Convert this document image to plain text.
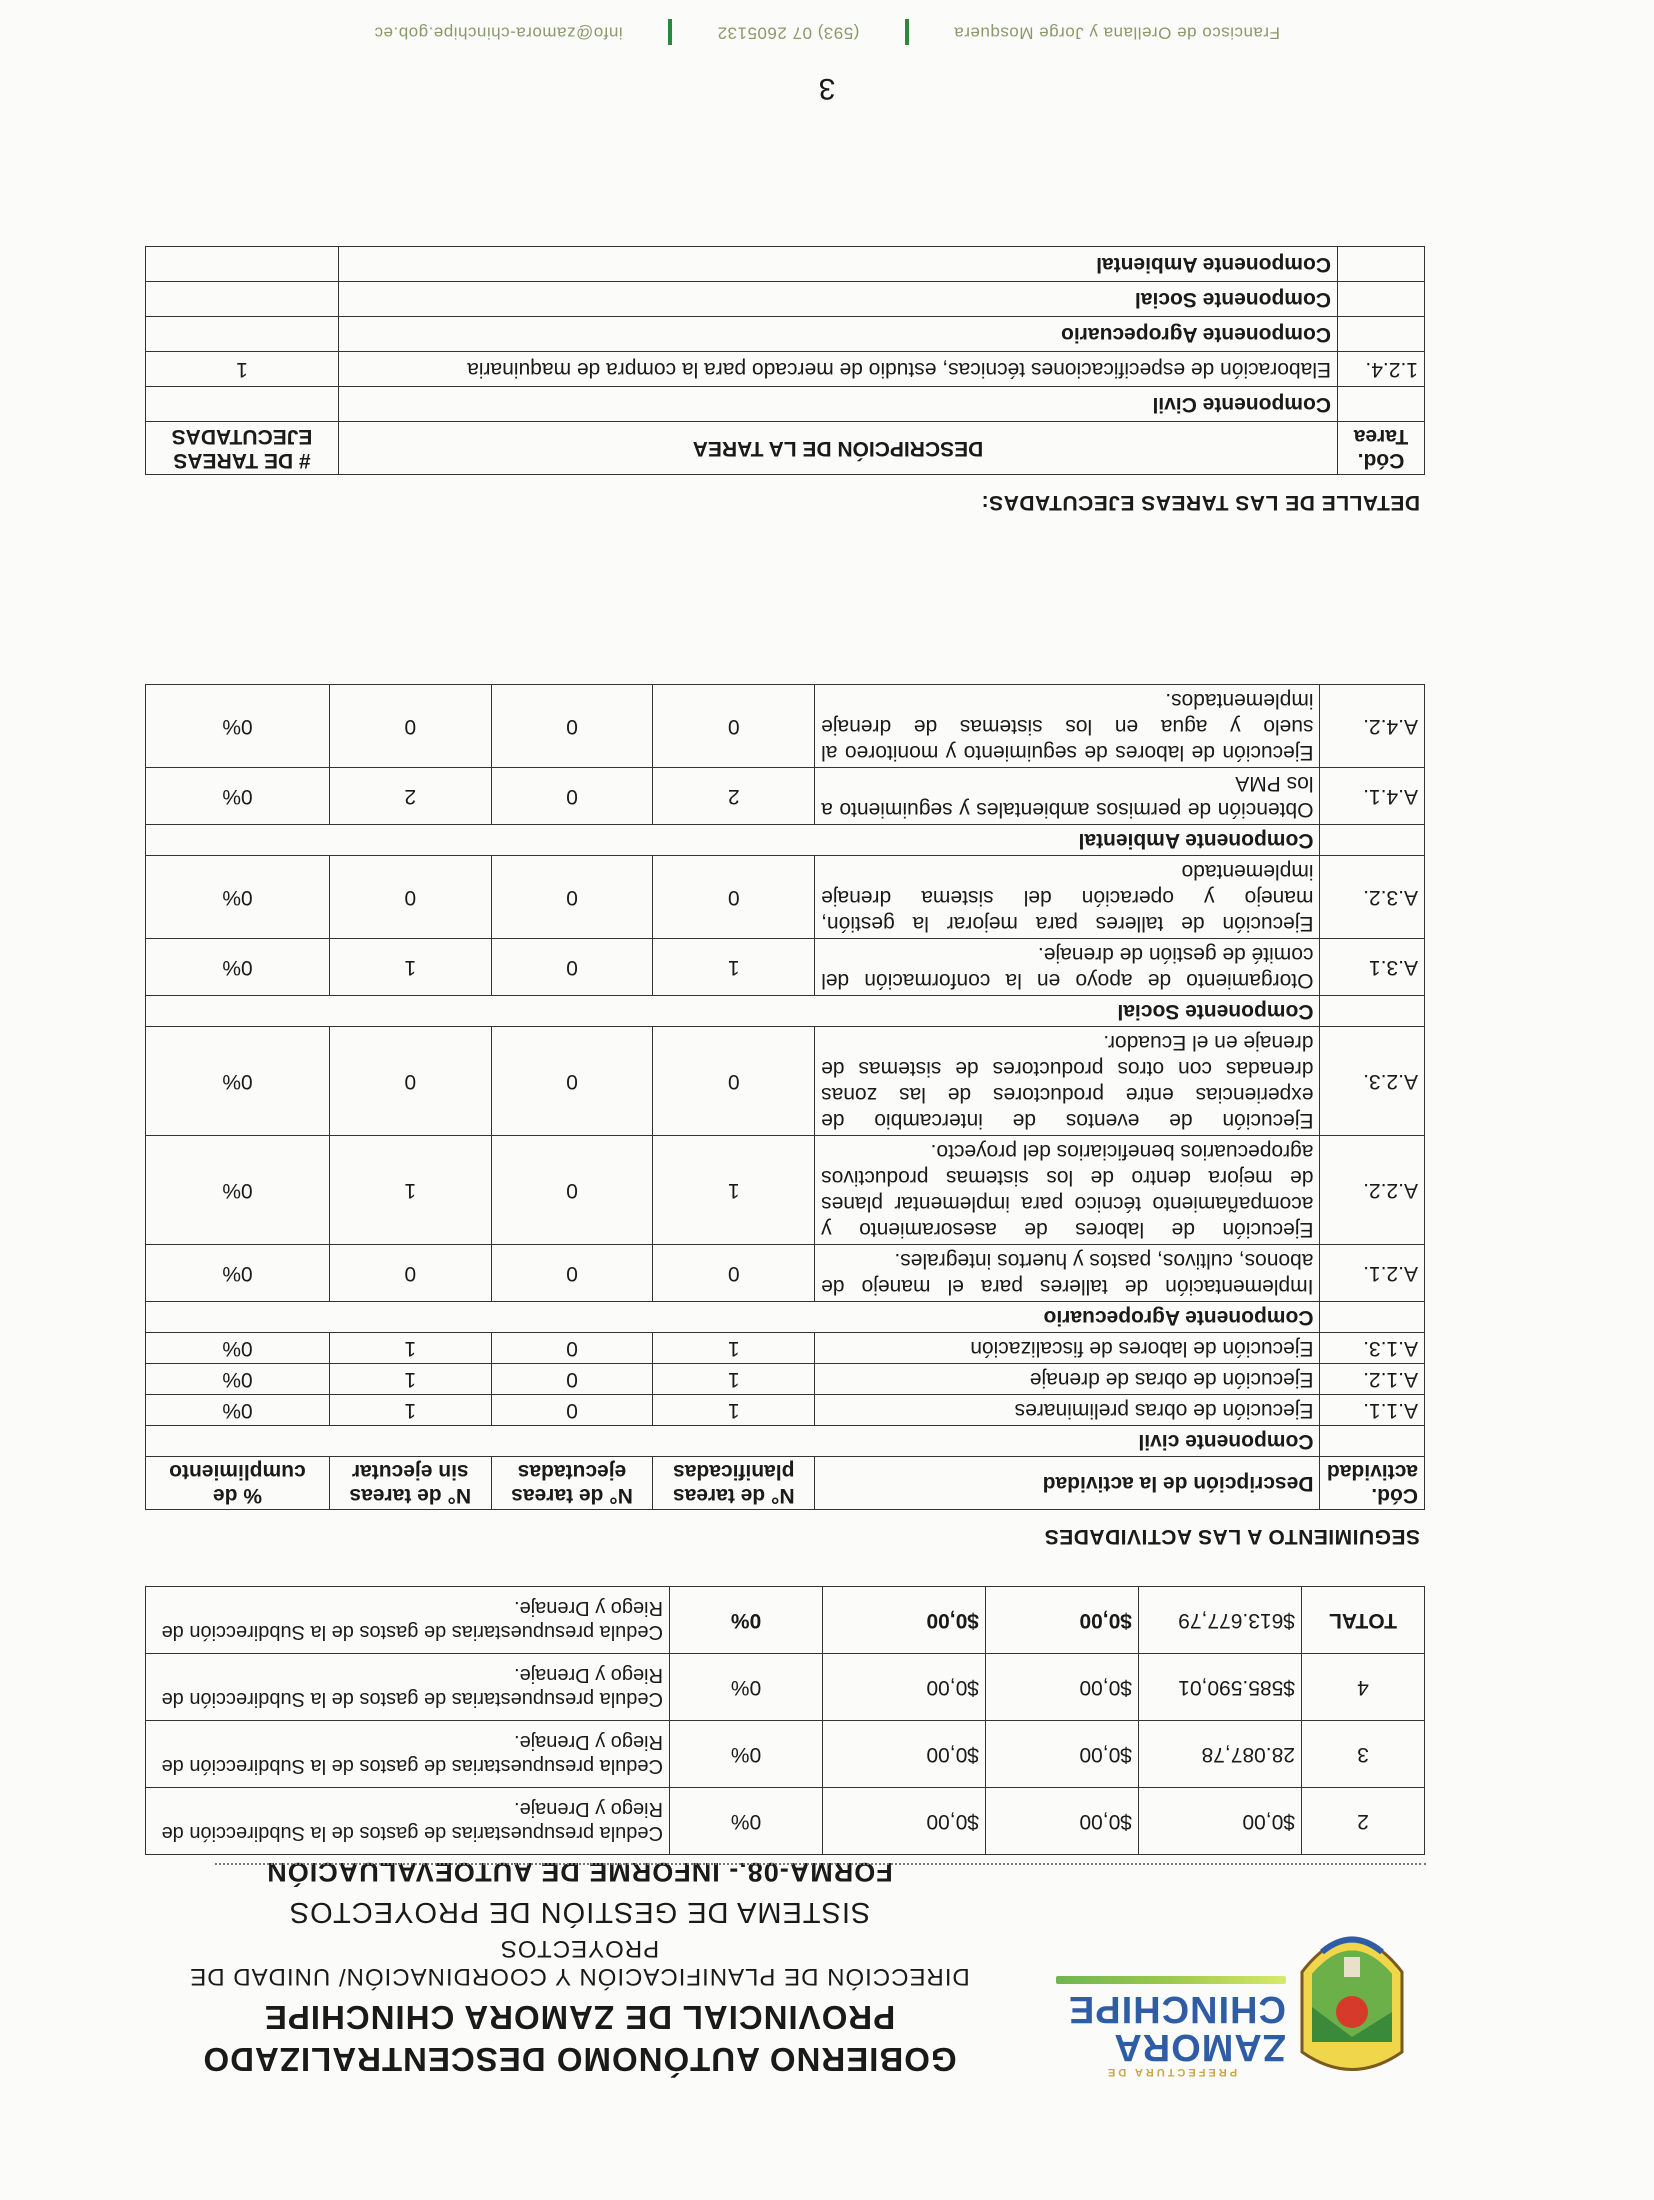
PREFECTURA DE
ZAMORA
CHINCHIPE
GOBIERNO AUTÓNOMO DESCENTRALIZADO
PROVINCIAL DE ZAMORA CHINCHIPE
DIRECCIÓN DE PLANIFICACIÓN Y COORDINACIÓN/ UNIDAD DE PROYECTOS
SISTEMA DE GESTIÓN DE PROYECTOS
FORMA-08.- INFORME DE AUTOEVALUACIÓN
2	$0,00	$0,00	$0,00	0%	Cedula presupuestarias de gastos de la Subdirección de Riego y Drenaje.
3	28.087,78	$0,00	$0,00	0%	Cedula presupuestarias de gastos de la Subdirección de Riego y Drenaje.
4	$585.590,01	$0,00	$0,00	0%	Cedula presupuestarias de gastos de la Subdirección de Riego y Drenaje.
TOTAL	$613.677,79	$0,00	$0,00	0%	Cedula presupuestarias de gastos de la Subdirección de Riego y Drenaje.
SEGUIMIENTO A LAS ACTIVIDADES
Cód. actividad	Descripción de la actividad	N° de tareas planificadas	N° de tareas ejecutadas	N° de tareas sin ejecutar	% de cumplimiento
	Componente civil				
A.1.1.	Ejecución de obras preliminares	1	0	1	0%
A.1.2.	Ejecución de obras de drenaje	1	0	1	0%
A.1.3.	Ejecución de labores de fiscalización	1	0	1	0%
	Componente Agropecuario				
A.2.1.	Implementación de talleres para el manejo de abonos, cultivos, pastos y huertos integrales.	0	0	0	0%
A.2.2.	Ejecución de labores de asesoramiento y acompañamiento técnico para implementar planes de mejora dentro de los sistemas productivos agropecuarios beneficiarios del proyecto.	1	0	1	0%
A.2.3.	Ejecución de eventos de intercambio de experiencias entre productores de las zonas drenadas con otros productores de sistemas de drenaje en el Ecuador.	0	0	0	0%
	Componente Social				
A.3.1	Otorgamiento de apoyo en la conformación del comité de gestión de drenaje.	1	0	1	0%
A.3.2.	Ejecución de talleres para mejorar la gestión, manejo y operación del sistema drenaje implementado	0	0	0	0%
	Componente Ambiental				
A.4.1.	Obtención de permisos ambientales y seguimiento a los PMA	2	0	2	0%
A.4.2.	Ejecución de labores de seguimiento y monitoreo al suelo y agua en los sistemas de drenaje implementados.	0	0	0	0%
DETALLE DE LAS TAREAS EJECUTADAS:
Cód. Tarea	DESCRIPCIÓN DE LA TAREA	# DE TAREAS EJECUTADAS
	Componente Civil	
1.2.4.	Elaboración de especificaciones técnicas, estudio de mercado para la compra de maquinaria	1
	Componente Agropecuario	
	Componente Social	
	Componente Ambiental	
3
Francisco de Orellana y Jorge Mosquera  (593) 07 2605132  info@zamora-chinchipe.gob.ec
